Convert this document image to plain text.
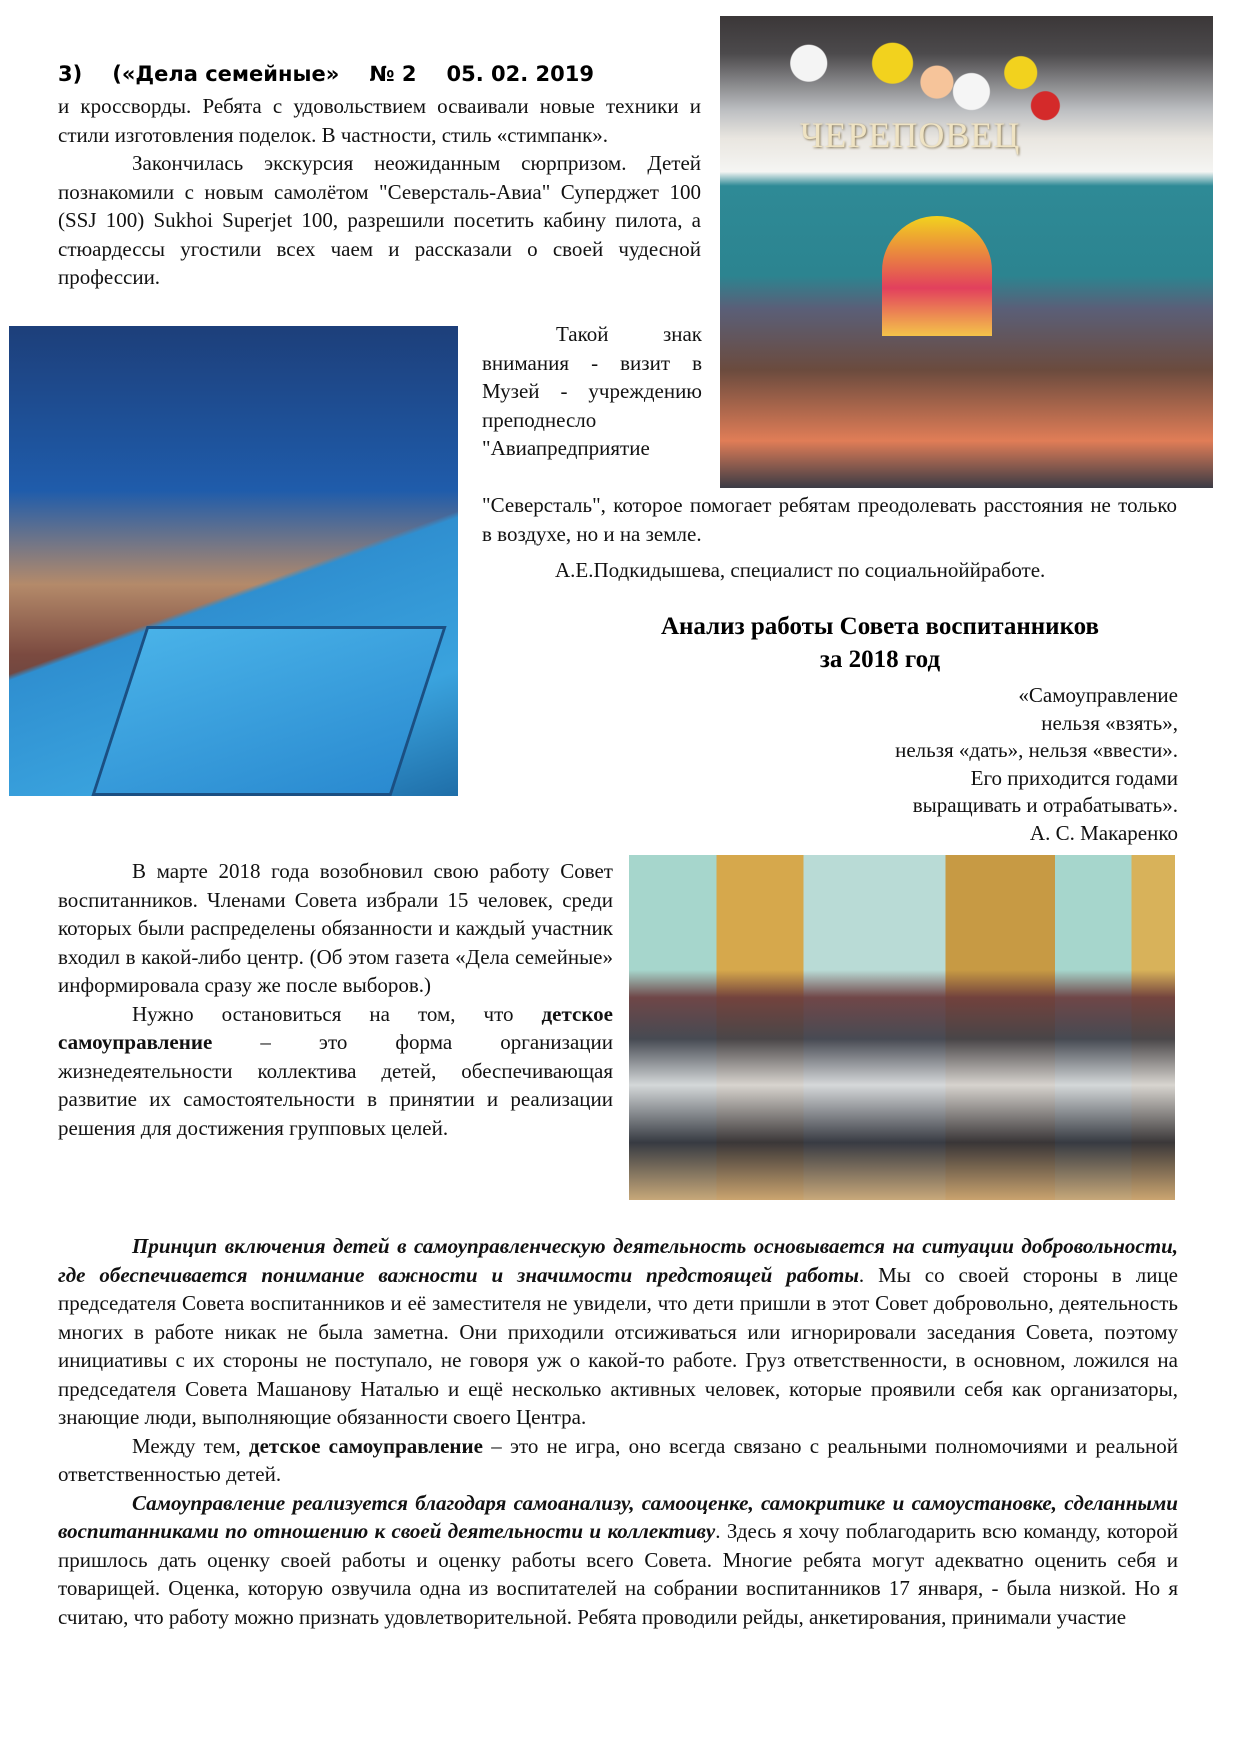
3) («Дела семейные» № 2 05. 02. 2019

и кроссворды. Ребята с удовольствием осваивали новые техники и стили изготовления поделок. В частности, стиль «стимпанк».

Закончилась экскурсия неожиданным сюрпризом. Детей познакомили с новым самолётом "Северсталь-Авиа" Суперджет 100 (SSJ 100) Sukhoi Superjet 100, разрешили посетить кабину пилота, а стюардессы угостили всех чаем и рассказали о своей чудесной профессии.

ЧЕРЕПОВЕЦ

Такой знак внимания - визит в Музей - учреждению преподнесло "Авиапредприятие

"Северсталь", которое помогает ребятам преодолевать расстояния не только в воздухе, но и на земле.

А.Е.Подкидышева, специалист по социальноййработе.
Анализ работы Совета воспитанников
за 2018 год
«Самоуправление
нельзя «взять»,
нельзя «дать», нельзя «ввести».
Его приходится годами
выращивать и отрабатывать».
А. С. Макаренко

В марте 2018 года возобновил свою работу Совет воспитанников. Членами Совета избрали 15 человек, среди которых были распределены обязанности и каждый участник входил в какой-либо центр. (Об этом газета «Дела семейные» информировала сразу же после выборов.)

Нужно остановиться на том, что детское самоуправление – это форма организации жизнедеятельности коллектива детей, обеспечивающая развитие их самостоятельности в принятии и реализации решения для достижения групповых целей.

Принцип включения детей в самоуправленческую деятельность основывается на ситуации добровольности, где обеспечивается понимание важности и значимости предстоящей работы. Мы со своей стороны в лице председателя Совета воспитанников и её заместителя не увидели, что дети пришли в этот Совет добровольно, деятельность многих в работе никак не была заметна. Они приходили отсиживаться или игнорировали заседания Совета, поэтому инициативы с их стороны не поступало, не говоря уж о какой-то работе. Груз ответственности, в основном, ложился на председателя Совета Машанову Наталью и ещё несколько активных человек, которые проявили себя как организаторы, знающие люди, выполняющие обязанности своего Центра.

Между тем, детское самоуправление – это не игра, оно всегда связано с реальными полномочиями и реальной ответственностью детей.

Самоуправление реализуется благодаря самоанализу, самооценке, самокритике и самоустановке, сделанными воспитанниками по отношению к своей деятельности и коллективу. Здесь я хочу поблагодарить всю команду, которой пришлось дать оценку своей работы и оценку работы всего Совета. Многие ребята могут адекватно оценить себя и товарищей. Оценка, которую озвучила одна из воспитателей на собрании воспитанников 17 января, - была низкой. Но я считаю, что работу можно признать удовлетворительной. Ребята проводили рейды, анкетирования, принимали участие
